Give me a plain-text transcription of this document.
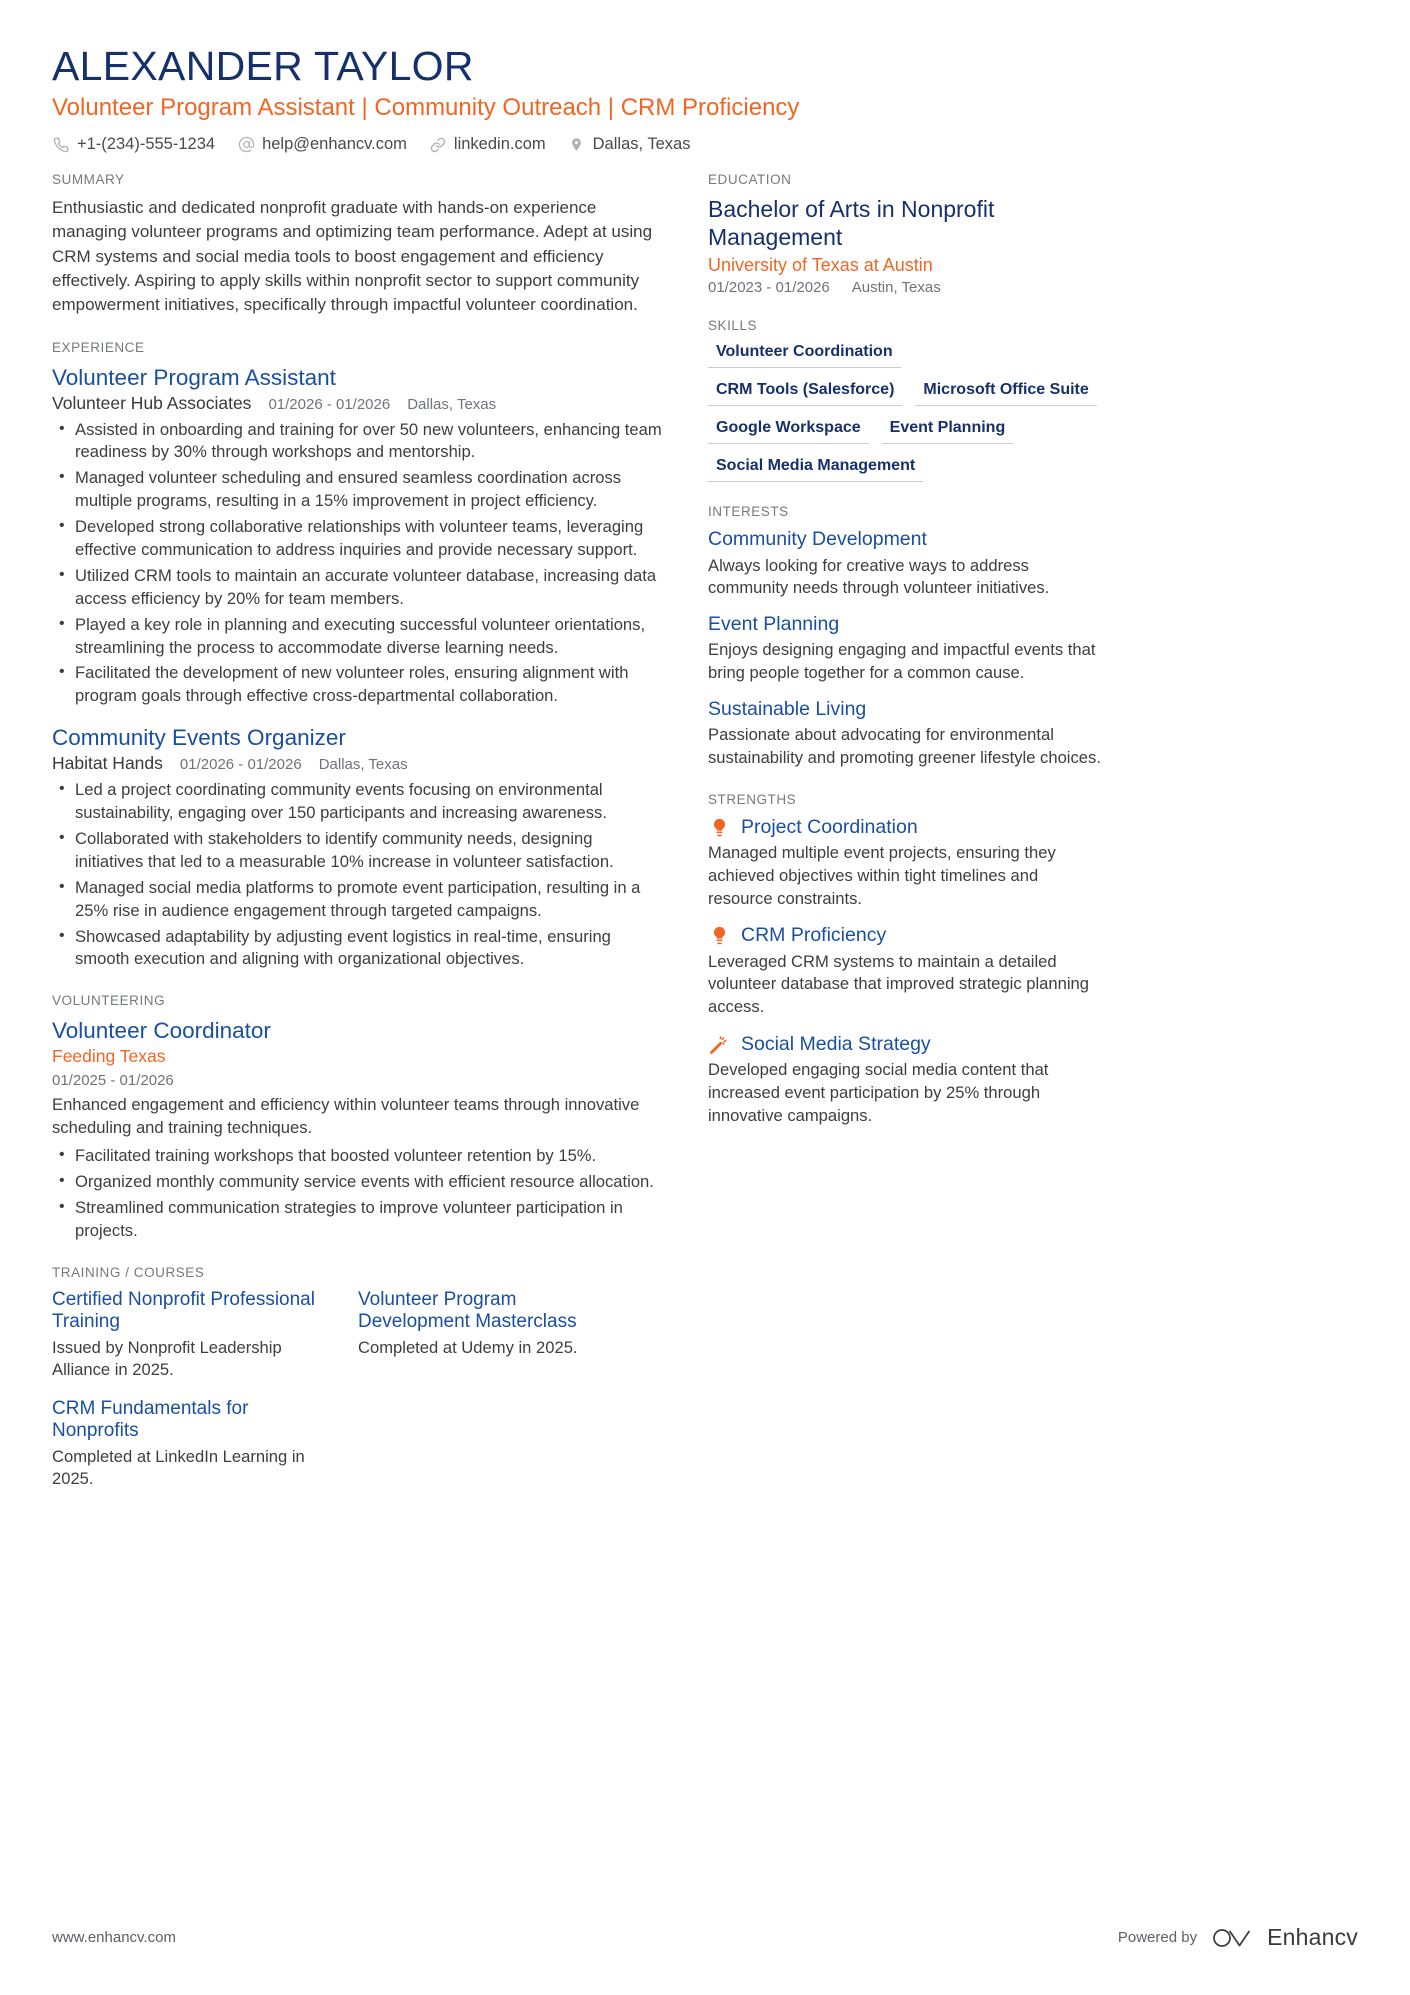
ALEXANDER TAYLOR
Volunteer Program Assistant | Community Outreach | CRM Proficiency
+1-(234)-555-1234	help@enhancv.com	linkedin.com	Dallas, Texas
SUMMARY

Enthusiastic and dedicated nonprofit graduate with hands-on experience managing volunteer programs and optimizing team performance. Adept at using CRM systems and social media tools to boost engagement and efficiency effectively. Aspiring to apply skills within nonprofit sector to support community empowerment initiatives, specifically through impactful volunteer coordination.

EXPERIENCE
Volunteer Program Assistant
Volunteer Hub Associates 01/2026 - 01/2026 Dallas, Texas
• Assisted in onboarding and training for over 50 new volunteers, enhancing team readiness by 30% through workshops and mentorship.
• Managed volunteer scheduling and ensured seamless coordination across multiple programs, resulting in a 15% improvement in project efficiency.
• Developed strong collaborative relationships with volunteer teams, leveraging effective communication to address inquiries and provide necessary support.
• Utilized CRM tools to maintain an accurate volunteer database, increasing data access efficiency by 20% for team members.
• Played a key role in planning and executing successful volunteer orientations, streamlining the process to accommodate diverse learning needs.
• Facilitated the development of new volunteer roles, ensuring alignment with program goals through effective cross-departmental collaboration.
Community Events Organizer
Habitat Hands 01/2026 - 01/2026 Dallas, Texas
• Led a project coordinating community events focusing on environmental sustainability, engaging over 150 participants and increasing awareness.
• Collaborated with stakeholders to identify community needs, designing initiatives that led to a measurable 10% increase in volunteer satisfaction.
• Managed social media platforms to promote event participation, resulting in a 25% rise in audience engagement through targeted campaigns.
• Showcased adaptability by adjusting event logistics in real-time, ensuring smooth execution and aligning with organizational objectives.
VOLUNTEERING
Volunteer Coordinator
Feeding Texas
01/2025 - 01/2026

Enhanced engagement and efficiency within volunteer teams through innovative scheduling and training techniques.

• Facilitated training workshops that boosted volunteer retention by 15%.
• Organized monthly community service events with efficient resource allocation.
• Streamlined communication strategies to improve volunteer participation in projects.
TRAINING / COURSES
Certified Nonprofit Professional Training

Issued by Nonprofit Leadership Alliance in 2025.

Volunteer Program Development Masterclass

Completed at Udemy in 2025.

CRM Fundamentals for Nonprofits

Completed at LinkedIn Learning in 2025.

EDUCATION
Bachelor of Arts in Nonprofit Management
University of Texas at Austin
01/2023 - 01/2026 Austin, Texas
SKILLS
Volunteer Coordination
CRM Tools (Salesforce)	Microsoft Office Suite
Google Workspace	Event Planning
Social Media Management
INTERESTS
Community Development

Always looking for creative ways to address community needs through volunteer initiatives.

Event Planning

Enjoys designing engaging and impactful events that bring people together for a common cause.

Sustainable Living

Passionate about advocating for environmental sustainability and promoting greener lifestyle choices.

STRENGTHS
Project Coordination

Managed multiple event projects, ensuring they achieved objectives within tight timelines and resource constraints.

CRM Proficiency

Leveraged CRM systems to maintain a detailed volunteer database that improved strategic planning access.

Social Media Strategy

Developed engaging social media content that increased event participation by 25% through innovative campaigns.

www.enhancv.com	Powered by	Enhancv
